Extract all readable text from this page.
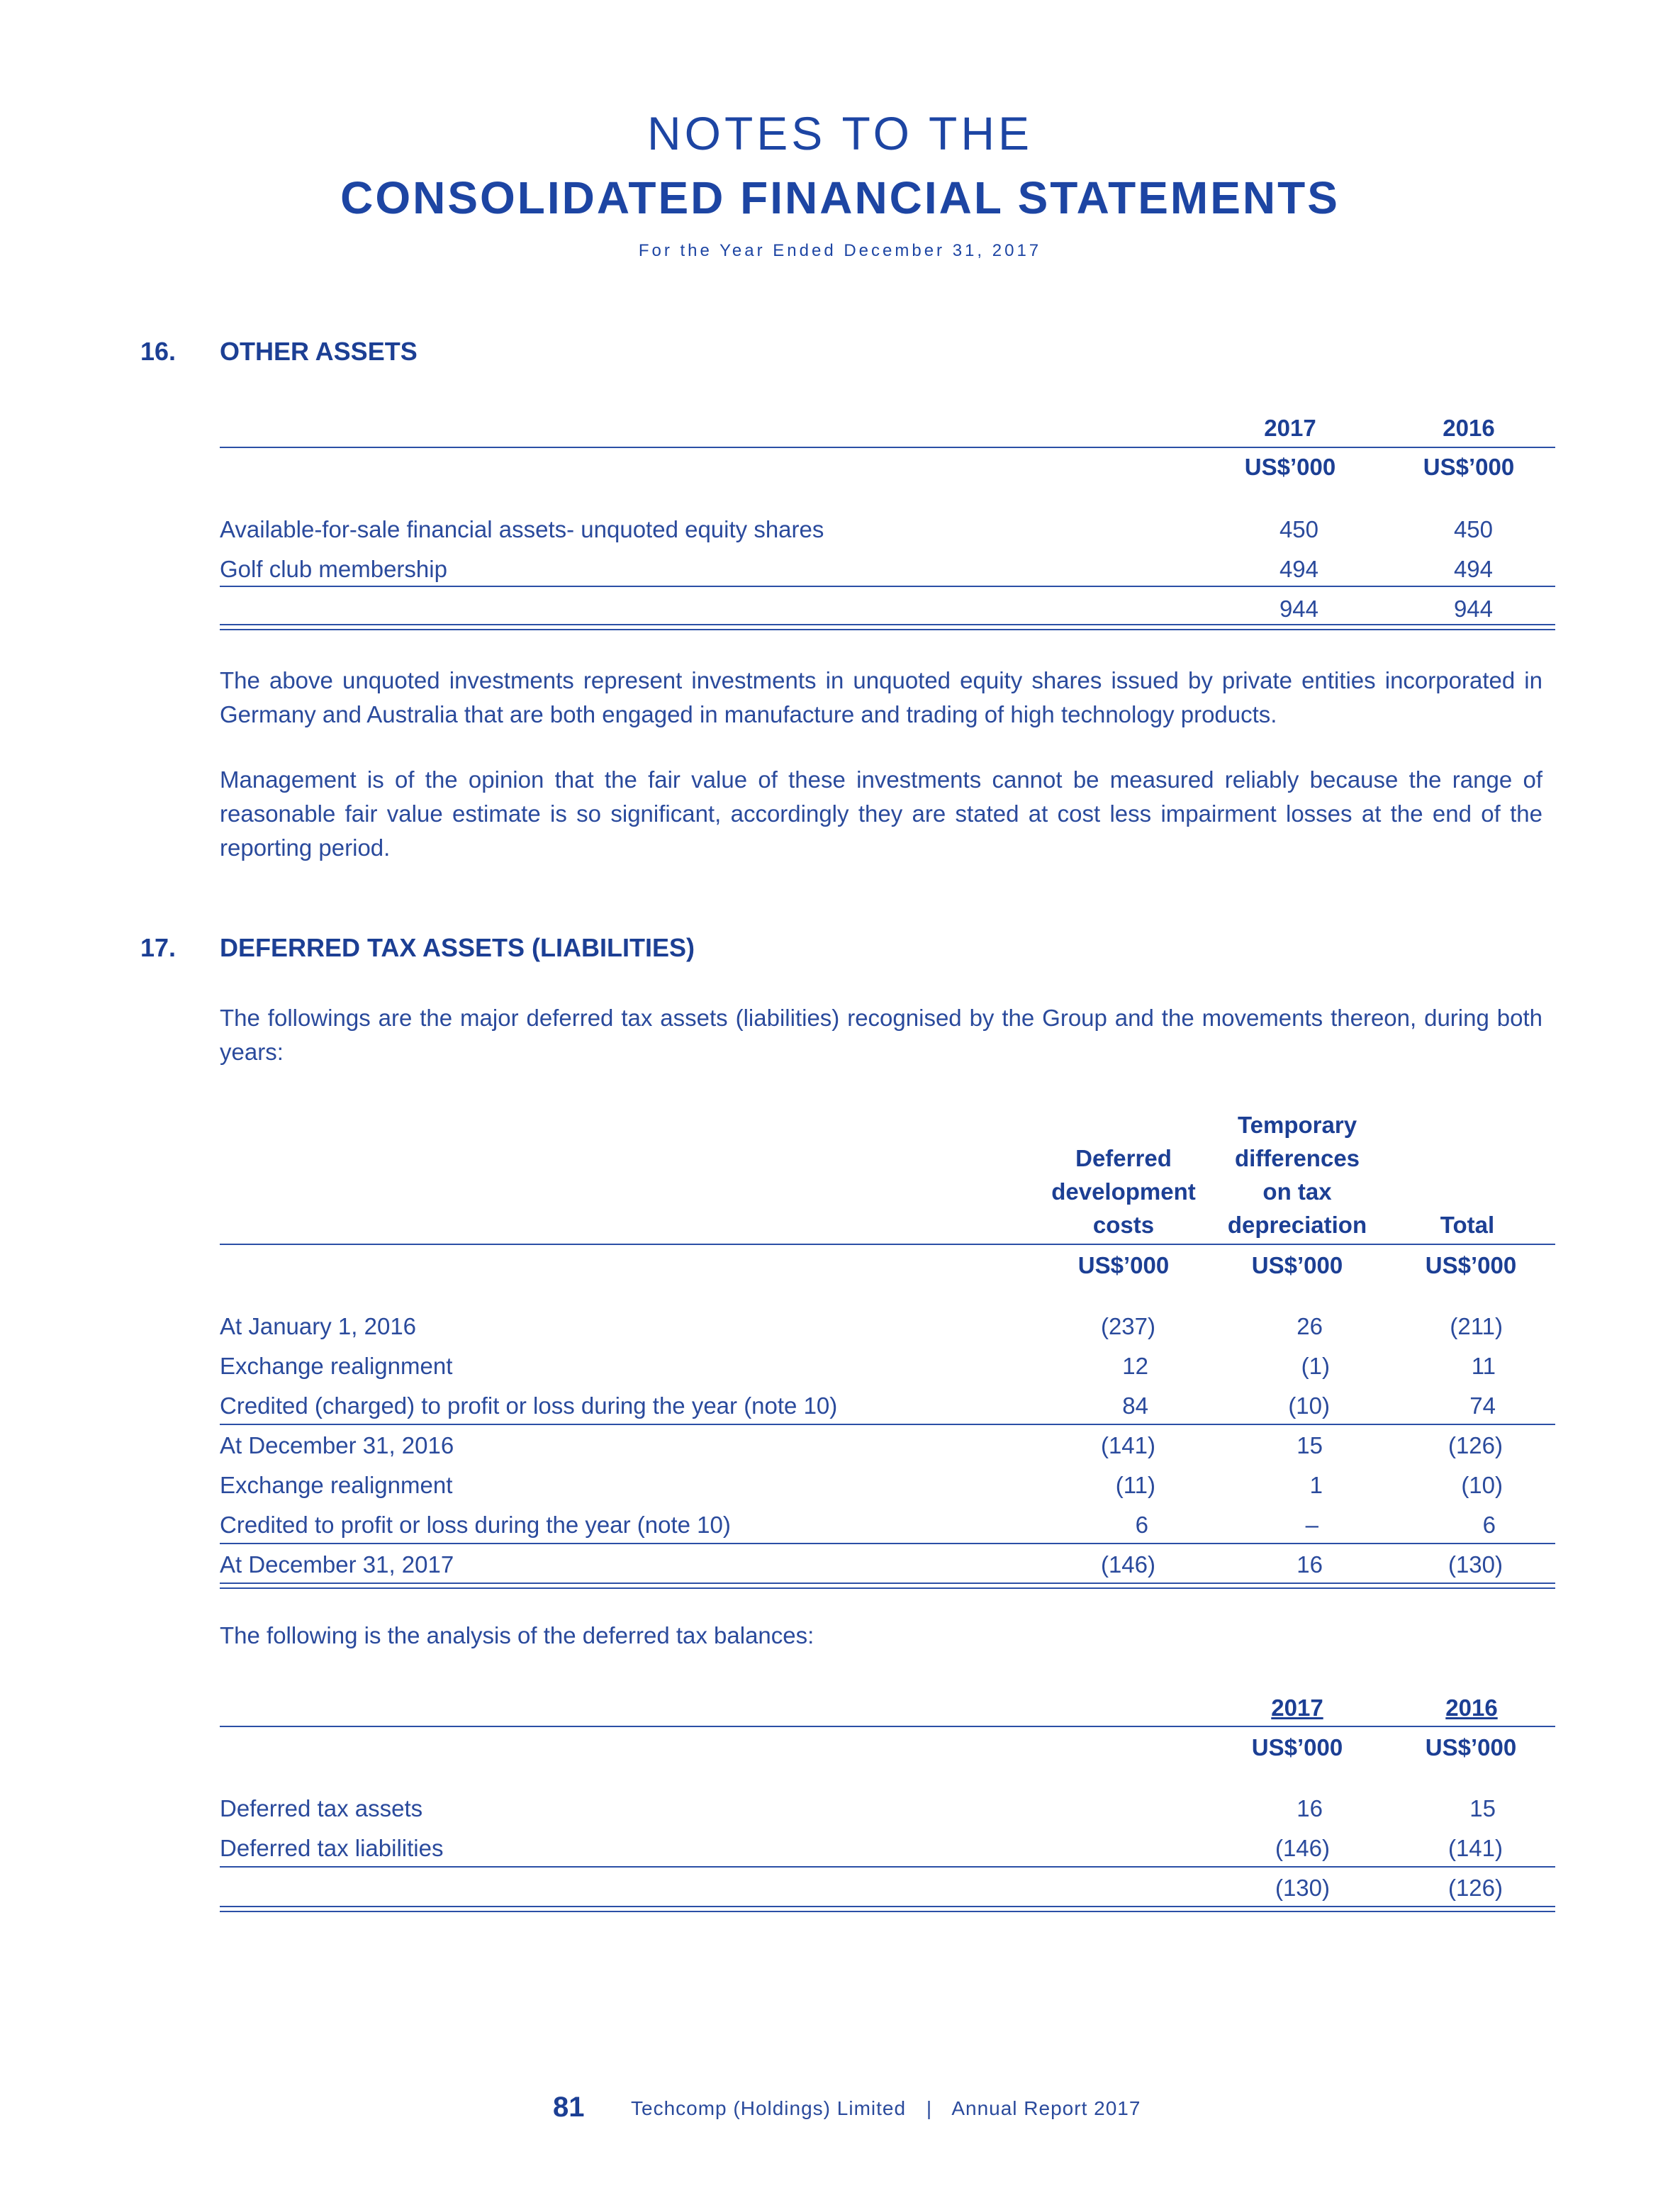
NOTES TO THE
CONSOLIDATED FINANCIAL STATEMENTS
For the Year Ended December 31, 2017
16. OTHER ASSETS
2017	2016
US$’000	US$’000
Available-for-sale financial assets- unquoted equity shares	450	450
Golf club membership	494	494
944	944
The above unquoted investments represent investments in unquoted equity shares issued by private entities incorporated in Germany and Australia that are both engaged in manufacture and trading of high technology products.
Management is of the opinion that the fair value of these investments cannot be measured reliably because the range of reasonable fair value estimate is so significant, accordingly they are stated at cost less impairment losses at the end of the reporting period.
17. DEFERRED TAX ASSETS (LIABILITIES)
The followings are the major deferred tax assets (liabilities) recognised by the Group and the movements thereon, during both years:
Deferred
development
costs
Temporary
differences
on tax
depreciation	Total
US$’000	US$’000	US$’000
At January 1, 2016	(237)	26	(211)
Exchange realignment	12	(1)	11
Credited (charged) to profit or loss during the year (note 10)	84	(10)	74
At December 31, 2016	(141)	15	(126)
Exchange realignment	(11)	1	(10)
Credited to profit or loss during the year (note 10)	6	–	6
At December 31, 2017	(146)	16	(130)
The following is the analysis of the deferred tax balances:
2017	2016
US$’000	US$’000
Deferred tax assets	16	15
Deferred tax liabilities	(146)	(141)
(130)	(126)
81 Techcomp (Holdings) Limited | Annual Report 2017
